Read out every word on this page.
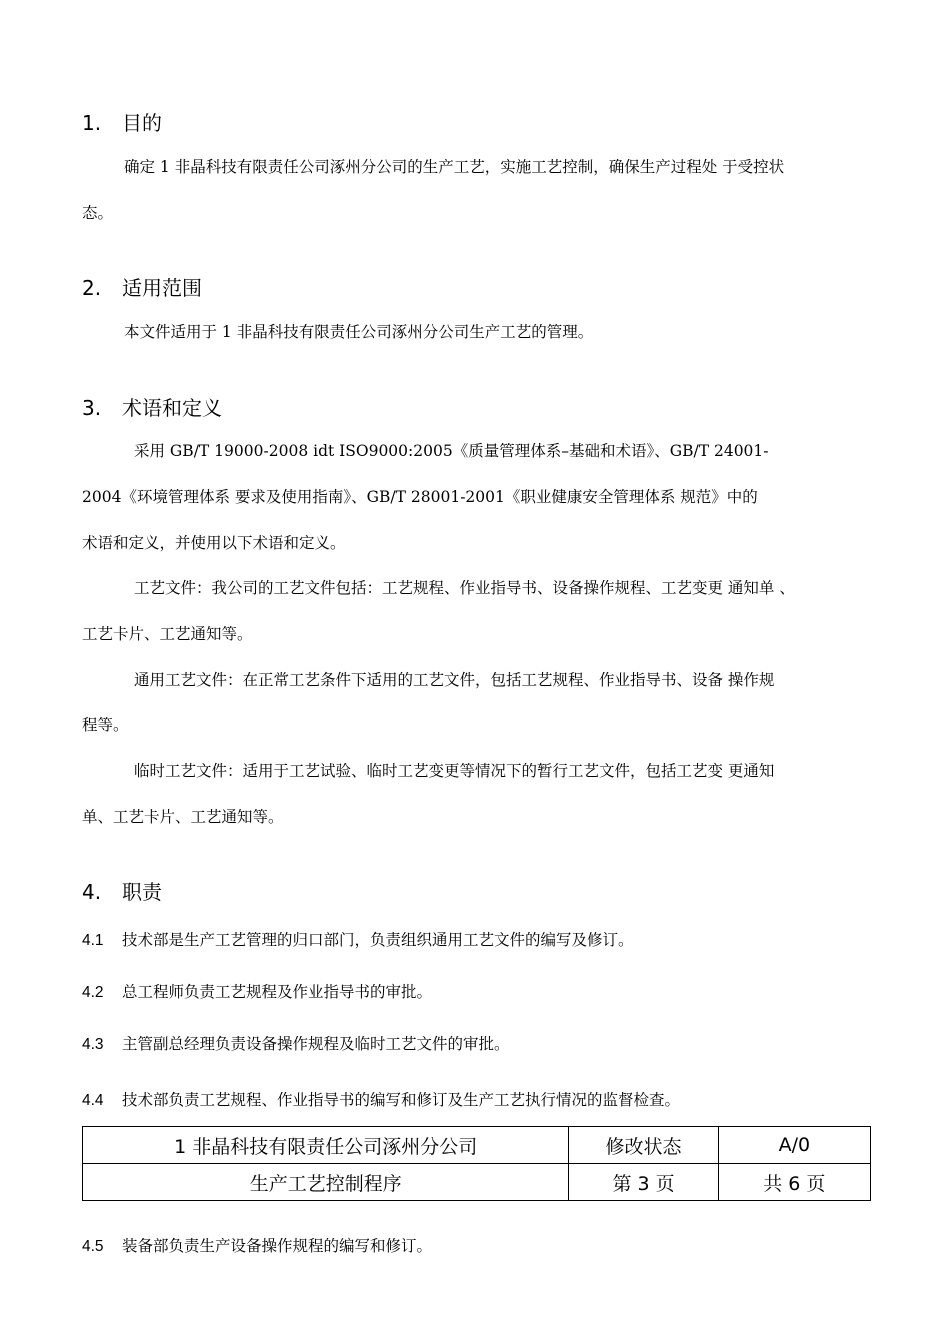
1. 目的
确定 1 非晶科技有限责任公司涿州分公司的生产工艺，实施工艺控制，确保生产过程处 于受控状
态。
2. 适用范围
本文件适用于 1 非晶科技有限责任公司涿州分公司生产工艺的管理。
3. 术语和定义
采用 GB/T 19000-2008 idt ISO9000:2005《质量管理体系–基础和术语》、GB/T 24001-
2004《环境管理体系 要求及使用指南》、GB/T 28001-2001《职业健康安全管理体系 规范》中的
术语和定义，并使用以下术语和定义。
工艺文件：我公司的工艺文件包括：工艺规程、作业指导书、设备操作规程、工艺变更 通知单 、
工艺卡片、工艺通知等。
通用工艺文件：在正常工艺条件下适用的工艺文件，包括工艺规程、作业指导书、设备 操作规
程等。
临时工艺文件：适用于工艺试验、临时工艺变更等情况下的暂行工艺文件，包括工艺变 更通知
单、工艺卡片、工艺通知等。
4. 职责
4.1 技术部是生产工艺管理的归口部门，负责组织通用工艺文件的编写及修订。
4.2 总工程师负责工艺规程及作业指导书的审批。
4.3 主管副总经理负责设备操作规程及临时工艺文件的审批。
4.4 技术部负责工艺规程、作业指导书的编写和修订及生产工艺执行情况的监督检查。
1 非晶科技有限责任公司涿州分公司	修改状态	A/0
生产工艺控制程序	第 3 页	共 6 页
4.5 装备部负责生产设备操作规程的编写和修订。
